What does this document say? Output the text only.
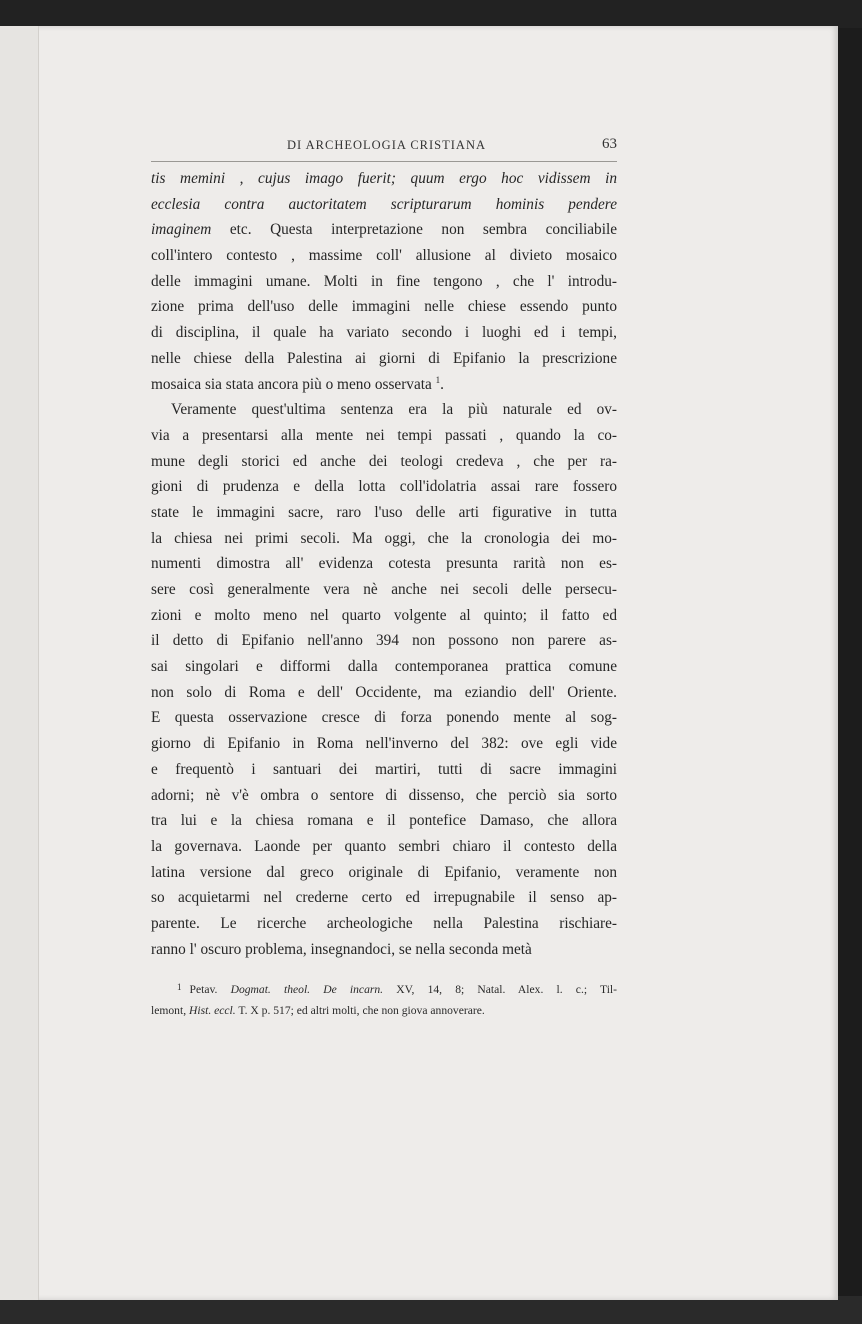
DI ARCHEOLOGIA CRISTIANA	63
tis memini , cujus imago fuerit; quum ergo hoc vidissem in
ecclesia contra auctoritatem scripturarum hominis pendere
imaginem etc. Questa interpretazione non sembra conciliabile
coll'intero contesto , massime coll' allusione al divieto mosaico
delle immagini umane. Molti in fine tengono , che l' introdu-
zione prima dell'uso delle immagini nelle chiese essendo punto
di disciplina, il quale ha variato secondo i luoghi ed i tempi,
nelle chiese della Palestina ai giorni di Epifanio la prescrizione
mosaica sia stata ancora più o meno osservata $^1$.
Veramente quest'ultima sentenza era la più naturale ed ov-
via a presentarsi alla mente nei tempi passati , quando la co-
mune degli storici ed anche dei teologi credeva , che per ra-
gioni di prudenza e della lotta coll'idolatria assai rare fossero
state le immagini sacre, raro l'uso delle arti figurative in tutta
la chiesa nei primi secoli. Ma oggi, che la cronologia dei mo-
numenti dimostra all' evidenza cotesta presunta rarità non es-
sere così generalmente vera nè anche nei secoli delle persecu-
zioni e molto meno nel quarto volgente al quinto; il fatto ed
il detto di Epifanio nell'anno 394 non possono non parere as-
sai singolari e difformi dalla contemporanea prattica comune
non solo di Roma e dell' Occidente, ma eziandio dell' Oriente.
E questa osservazione cresce di forza ponendo mente al sog-
giorno di Epifanio in Roma nell'inverno del 382: ove egli vide
e frequentò i santuari dei martiri, tutti di sacre immagini
adorni; nè v'è ombra o sentore di dissenso, che perciò sia sorto
tra lui e la chiesa romana e il pontefice Damaso, che allora
la governava. Laonde per quanto sembri chiaro il contesto della
latina versione dal greco originale di Epifanio, veramente non
so acquietarmi nel crederne certo ed irrepugnabile il senso ap-
parente. Le ricerche archeologiche nella Palestina rischiare-
ranno l' oscuro problema, insegnandoci, se nella seconda metà
$^1$ Petav. Dogmat. theol. De incarn. XV, 14, 8; Natal. Alex. l. c.; Til-
lemont, Hist. eccl. T. X p. 517; ed altri molti, che non giova annoverare.
